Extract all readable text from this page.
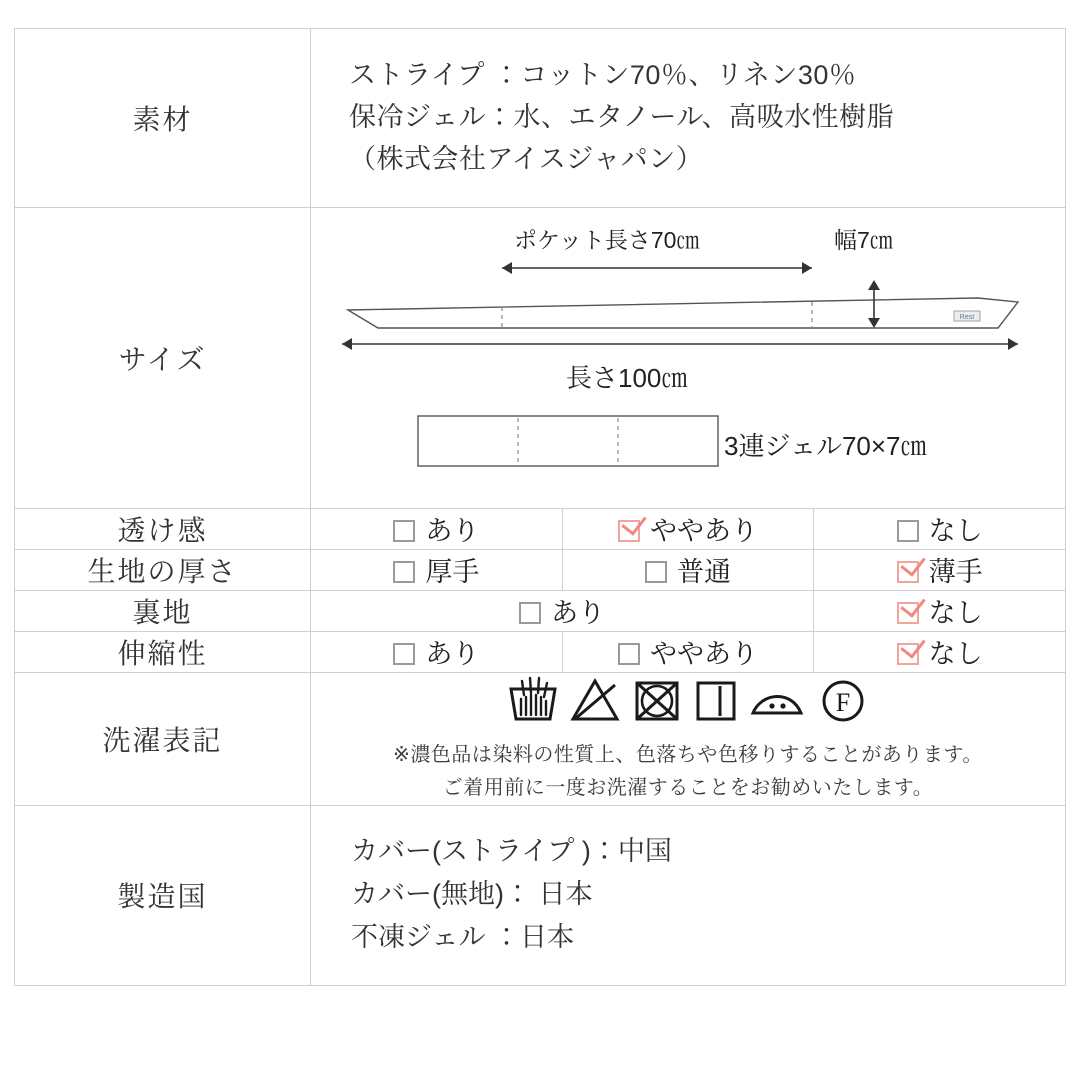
素材	ストライプ ：コットン70％、リネン30％
保冷ジェル：水、エタノール、高吸水性樹脂
（株式会社アイスジャパン）		

サイズ	Rest
ポケット長さ70㎝ 幅7㎝
長さ100㎝
3連ジェル70×7㎝		

透け感	あり	ややあり	なし

生地の厚さ	厚手	普通	薄手

裏地	あり		なし

伸縮性	あり	ややあり	なし

洗濯表記	F
※濃色品は染料の性質上、色落ちや色移りすることがあります。
ご着用前に一度お洗濯することをお勧めいたします。		

製造国	カバー(ストライプ )：中国
カバー(無地)： 日本
不凍ジェル ：日本		
